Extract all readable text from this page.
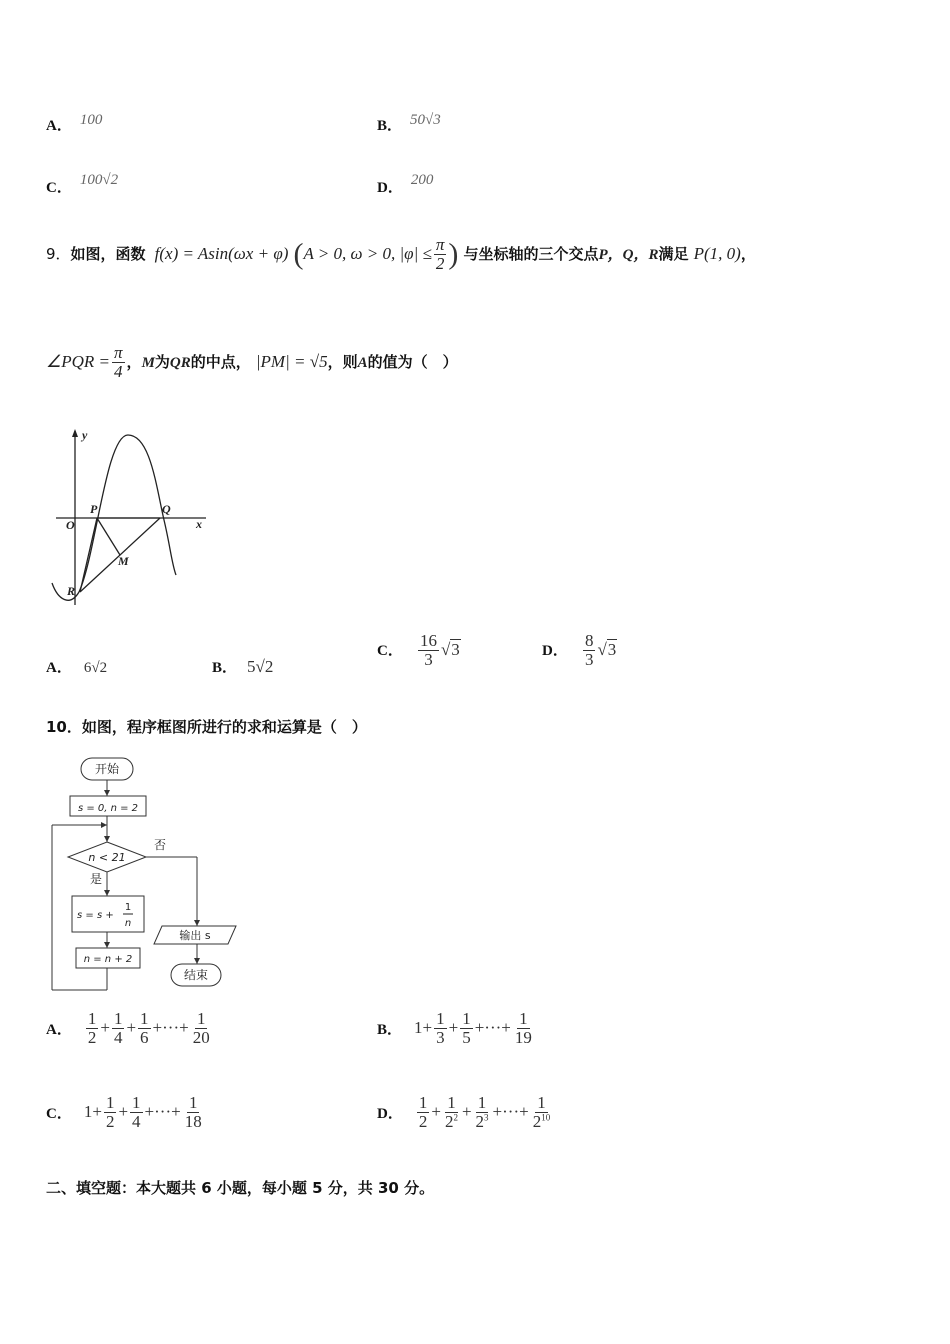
A． 100	B． 50√3
C． 100√2	D． 200
9．如图，函数 f(x) = Asin(ωx + φ) (A > 0, ω > 0, $|\varphi| \le \frac{\pi}{2}$ ) 与坐标轴的三个交点P，Q，R满足 P(1, 0)，
∠PQR = $\frac{\pi}{4}$ ，M为QR的中点， |PM| = √5，则A的值为（　）
y
x
O
P	Q
M
R
A． 6√2	B． 5√2
C． $\frac{16}{3} √3$	D． $\frac{8}{3} √3$
10．如图，程序框图所进行的求和运算是（　）
开始
s = 0, n = 2
n < 21
否
是
s = s +
1
n
n = n + 2
输出 s
结束
A． $\frac{1}{2} + \frac{1}{4} + \frac{1}{6}$ +···+ $\frac{1}{20}$	B． $1 + \frac{1}{3} + \frac{1}{5}$ +···+ $\frac{1}{19}$
C． $1 + \frac{1}{2} + \frac{1}{4}$ +···+ $\frac{1}{18}$	D． $\frac{1}{2} + \frac{1}{2^2} + \frac{1}{2^3}$ +···+ $\frac{1}{2^{10}}$
二、填空题：本大题共 6 小题，每小题 5 分，共 30 分。
